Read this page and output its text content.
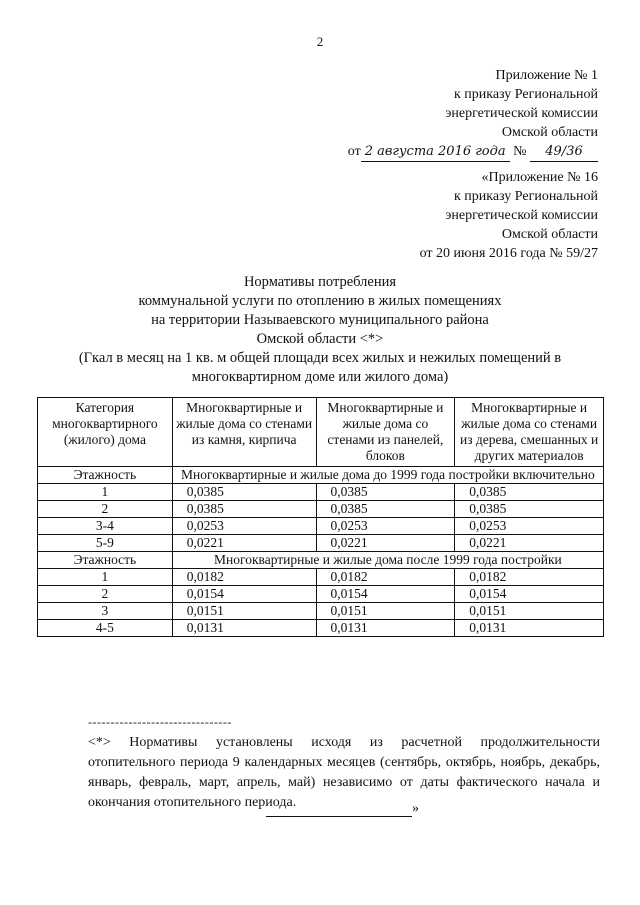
2
Приложение № 1
к приказу Региональной
энергетической комиссии
Омской области
от 2 августа 2016 года № 49/36
«Приложение № 16
к приказу Региональной
энергетической комиссии
Омской области
от 20 июня 2016 года № 59/27
Нормативы потребления
коммунальной услуги по отоплению в жилых помещениях
на территории Называевского муниципального района
Омской области <*>
(Гкал в месяц на 1 кв. м общей площади всех жилых и нежилых помещений в
многоквартирном доме или жилого дома)
Категория многоквартирного (жилого) дома	Многоквартирные и жилые дома со стенами из камня, кирпича	Многоквартирные и жилые дома со стенами из панелей, блоков	Многоквартирные и жилые дома со стенами из дерева, смешанных и других материалов
Этажность	Многоквартирные и жилые дома до 1999 года постройки включительно		
1	0,0385	0,0385	0,0385
2	0,0385	0,0385	0,0385
3-4	0,0253	0,0253	0,0253
5-9	0,0221	0,0221	0,0221
Этажность	Многоквартирные и жилые дома после 1999 года постройки		
1	0,0182	0,0182	0,0182
2	0,0154	0,0154	0,0154
3	0,0151	0,0151	0,0151
4-5	0,0131	0,0131	0,0131
--------------------------------
<*> Нормативы установлены исходя из расчетной продолжительности отопительного периода 9 календарных месяцев (сентябрь, октябрь, ноябрь, декабрь, январь, февраль, март, апрель, май) независимо от даты фактического начала и окончания отопительного периода.	»
